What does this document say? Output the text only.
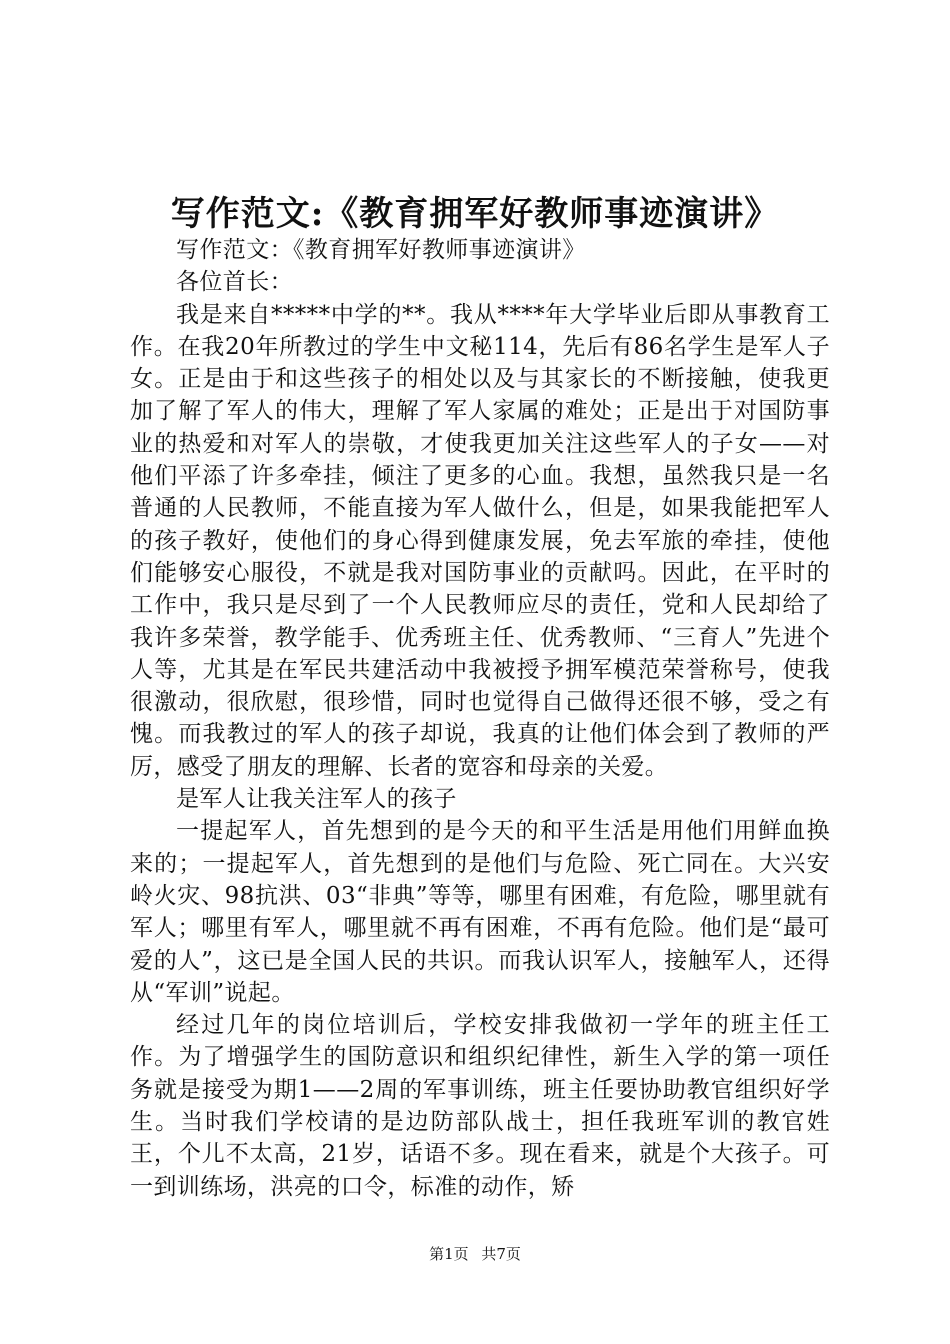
写作范文:《教育拥军好教师事迹演讲》

写作范文：《教育拥军好教师事迹演讲》

各位首长：

我是来自*****中学的**。我从****年大学毕业后即从事教育工作。在我20年所教过的学生中文秘114，先后有86名学生是军人子女。正是由于和这些孩子的相处以及与其家长的不断接触，使我更加了解了军人的伟大，理解了军人家属的难处；正是出于对国防事业的热爱和对军人的崇敬，才使我更加关注这些军人的子女——对他们平添了许多牵挂，倾注了更多的心血。我想，虽然我只是一名普通的人民教师，不能直接为军人做什么，但是，如果我能把军人的孩子教好，使他们的身心得到健康发展，免去军旅的牵挂，使他们能够安心服役，不就是我对国防事业的贡献吗。因此，在平时的工作中，我只是尽到了一个人民教师应尽的责任，党和人民却给了我许多荣誉，教学能手、优秀班主任、优秀教师、“三育人”先进个人等，尤其是在军民共建活动中我被授予拥军模范荣誉称号，使我很激动，很欣慰，很珍惜，同时也觉得自己做得还很不够，受之有愧。而我教过的军人的孩子却说，我真的让他们体会到了教师的严厉，感受了朋友的理解、长者的宽容和母亲的关爱。

是军人让我关注军人的孩子

一提起军人，首先想到的是今天的和平生活是用他们用鲜血换来的；一提起军人，首先想到的是他们与危险、死亡同在。大兴安岭火灾、98抗洪、03“非典”等等，哪里有困难，有危险，哪里就有军人；哪里有军人，哪里就不再有困难，不再有危险。他们是“最可爱的人”，这已是全国人民的共识。而我认识军人，接触军人，还得从“军训”说起。

经过几年的岗位培训后，学校安排我做初一学年的班主任工作。为了增强学生的国防意识和组织纪律性，新生入学的第一项任务就是接受为期1——2周的军事训练，班主任要协助教官组织好学生。当时我们学校请的是边防部队战士，担任我班军训的教官姓王，个儿不太高，21岁，话语不多。现在看来，就是个大孩子。可一到训练场，洪亮的口令，标准的动作，矫

第1页 共7页
